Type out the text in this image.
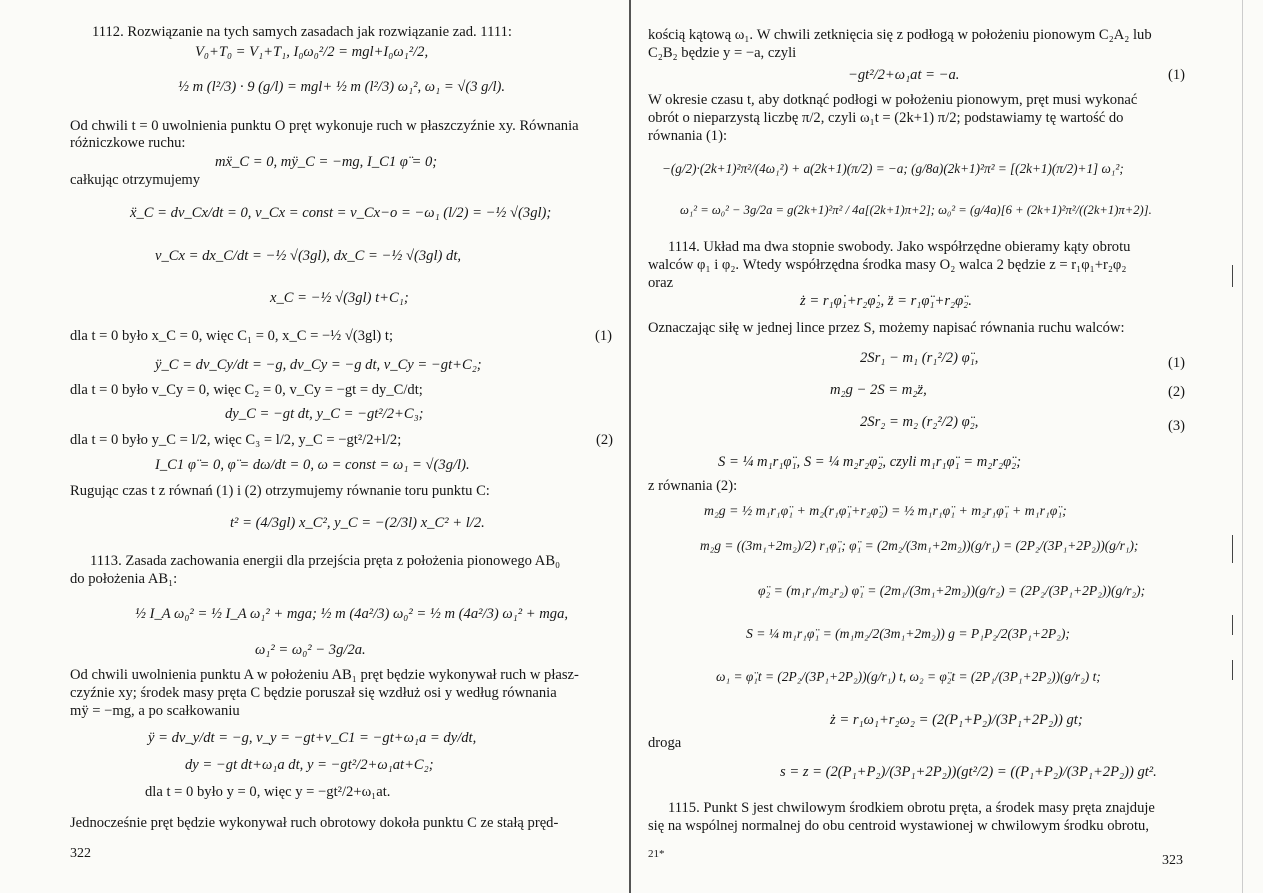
1112. Rozwiązanie na tych samych zasadach jak rozwiązanie zad. 1111:
V₀+T₀ = V₁+T₁, I₀ω₀²/2 = mgl+I₀ω₁²/2,
½ m (l²/3) · 9 (g/l) = mgl+ ½ m (l²/3) ω₁², ω₁ = √(3 g/l).
Od chwili t = 0 uwolnienia punktu O pręt wykonuje ruch w płaszczyźnie xy. Równania
różniczkowe ruchu:
mẍ_C = 0, mÿ_C = −mg, I_C1 φ̈ = 0;
całkując otrzymujemy
ẍ_C = dv_Cx/dt = 0, v_Cx = const = v_Cx−o = −ω₁ (l/2) = −½ √(3gl);
v_Cx = dx_C/dt = −½ √(3gl), dx_C = −½ √(3gl) dt,
x_C = −½ √(3gl) t+C₁;
dla t = 0 było x_C = 0, więc C₁ = 0, x_C = −½ √(3gl) t;	(1)
ÿ_C = dv_Cy/dt = −g, dv_Cy = −g dt, v_Cy = −gt+C₂;
dla t = 0 było v_Cy = 0, więc C₂ = 0, v_Cy = −gt = dy_C/dt;
dy_C = −gt dt, y_C = −gt²/2+C₃;
dla t = 0 było y_C = l/2, więc C₃ = l/2, y_C = −gt²/2+l/2;	(2)
I_C1 φ̈ = 0, φ̈ = dω/dt = 0, ω = const = ω₁ = √(3g/l).
Rugując czas t z równań (1) i (2) otrzymujemy równanie toru punktu C:
t² = (4/3gl) x_C², y_C = −(2/3l) x_C² + l/2.
1113. Zasada zachowania energii dla przejścia pręta z położenia pionowego AB₀
do położenia AB₁:
½ I_A ω₀² = ½ I_A ω₁² + mga; ½ m (4a²/3) ω₀² = ½ m (4a²/3) ω₁² + mga,
ω₁² = ω₀² − 3g/2a.
Od chwili uwolnienia punktu A w położeniu AB₁ pręt będzie wykonywał ruch w płasz-
czyźnie xy; środek masy pręta C będzie poruszał się wzdłuż osi y według równania
mÿ = −mg, a po scałkowaniu
ÿ = dv_y/dt = −g, v_y = −gt+v_C1 = −gt+ω₁a = dy/dt,
dy = −gt dt+ω₁a dt, y = −gt²/2+ω₁at+C₂;
dla t = 0 było y = 0, więc y = −gt²/2+ω₁at.
Jednocześnie pręt będzie wykonywał ruch obrotowy dokoła punktu C ze stałą pręd-
322
kością kątową ω₁. W chwili zetknięcia się z podłogą w położeniu pionowym C₂A₂ lub
C₂B₂ będzie y = −a, czyli
−gt²/2+ω₁at = −a.	(1)
W okresie czasu t, aby dotknąć podłogi w położeniu pionowym, pręt musi wykonać
obrót o nieparzystą liczbę π/2, czyli ω₁t = (2k+1) π/2; podstawiamy tę wartość do
równania (1):
−(g/2)·(2k+1)²π²/(4ω₁²) + a(2k+1)(π/2) = −a; (g/8a)(2k+1)²π² = [(2k+1)(π/2)+1] ω₁²;
ω₁² = ω₀² − 3g/2a = g(2k+1)²π² / 4a[(2k+1)π+2]; ω₀² = (g/4a)[6 + (2k+1)²π²/((2k+1)π+2)].
1114. Układ ma dwa stopnie swobody. Jako współrzędne obieramy kąty obrotu
walców φ₁ i φ₂. Wtedy współrzędna środka masy O₂ walca 2 będzie z = r₁φ₁+r₂φ₂
oraz
ż = r₁φ̇₁+r₂φ̇₂, z̈ = r₁φ̈₁+r₂φ̈₂.
Oznaczając siłę w jednej lince przez S, możemy napisać równania ruchu walców:
2Sr₁ − m₁ (r₁²/2) φ̈₁,	(1)
m₂g − 2S = m₂z̈,	(2)
2Sr₂ = m₂ (r₂²/2) φ̈₂,	(3)
S = ¼ m₁r₁φ̈₁, S = ¼ m₂r₂φ̈₂, czyli m₁r₁φ̈₁ = m₂r₂φ̈₂;
z równania (2):
m₂g = ½ m₁r₁φ̈₁ + m₂(r₁φ̈₁+r₂φ̈₂) = ½ m₁r₁φ̈₁ + m₂r₁φ̈₁ + m₁r₁φ̈₁;
m₂g = ((3m₁+2m₂)/2) r₁φ̈₁; φ̈₁ = (2m₂/(3m₁+2m₂))(g/r₁) = (2P₂/(3P₁+2P₂))(g/r₁);
φ̈₂ = (m₁r₁/m₂r₂) φ̈₁ = (2m₁/(3m₁+2m₂))(g/r₂) = (2P₂/(3P₁+2P₂))(g/r₂);
S = ¼ m₁r₁φ̈₁ = (m₁m₂/2(3m₁+2m₂)) g = P₁P₂/2(3P₁+2P₂);
ω₁ = φ̈₁t = (2P₂/(3P₁+2P₂))(g/r₁) t, ω₂ = φ̈₂t = (2P₁/(3P₁+2P₂))(g/r₂) t;
ż = r₁ω₁+r₂ω₂ = (2(P₁+P₂)/(3P₁+2P₂)) gt;
droga
s = z = (2(P₁+P₂)/(3P₁+2P₂))(gt²/2) = ((P₁+P₂)/(3P₁+2P₂)) gt².
1115. Punkt S jest chwilowym środkiem obrotu pręta, a środek masy pręta znajduje
się na wspólnej normalnej do obu centroid wystawionej w chwilowym środku obrotu,
21*	323
